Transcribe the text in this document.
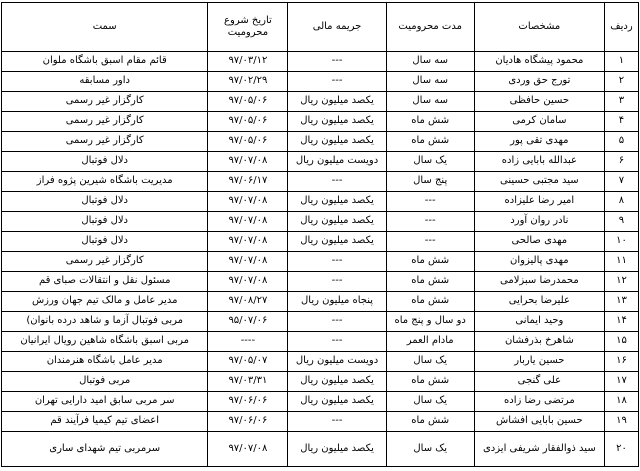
ردیف	مشخصات	مدت محرومیت	جریمه مالی	تاریخ شروع محرومیت	سمت
۱	محمود پیشگاه هادیان	سه سال	---	۹۷/۰۳/۱۲	قائم مقام اسبق باشگاه ملوان
۲	تورج حق وردی	سه سال	---	۹۷/۰۲/۲۹	داور مسابقه
۳	حسین حافظی	سه سال	یکصد میلیون ریال	۹۷/۰۵/۰۶	کارگزار غیر رسمی
۴	سامان کرمی	شش ماه	یکصد میلیون ریال	۹۷/۰۵/۰۶	کارگزار غیر رسمی
۵	مهدی تقی پور	شش ماه	یکصد میلیون ریال	۹۷/۰۵/۰۶	کارگزار غیر رسمی
۶	عبدالله بابایی زاده	یک سال	دویست میلیون ریال	۹۷/۰۷/۰۸	دلال فوتبال
۷	سید مجتبی حسینی	پنج سال	---	۹۷/۰۶/۱۷	مدیریت باشگاه شیرین پژوه فراز
۸	امیر رضا علیزاده	---	یکصد میلیون ریال	۹۷/۰۷/۰۸	دلال فوتبال
۹	نادر روان آورد	---	یکصد میلیون ریال	۹۷/۰۷/۰۸	دلال فوتبال
۱۰	مهدی صالحی	---	یکصد میلیون ریال	۹۷/۰۷/۰۸	دلال فوتبال
۱۱	مهدی پالیزوان	شش ماه	---	۹۷/۰۷/۰۸	کارگزار غیر رسمی
۱۲	محمدرضا سبزلامی	شش ماه	---	۹۷/۰۷/۰۸	مسئول نقل و انتقالات صبای قم
۱۳	علیرضا بحرایی	شش ماه	پنجاه میلیون ریال	۹۷/۰۸/۲۷	مدیر عامل و مالک تیم جهان ورزش
۱۴	وحید ایمانی	دو سال و پنج ماه	---	۹۵/۰۷/۰۶	مربی فوتبال آزما و شاهد درده بانوان)
۱۵	شاهرخ بذرفشان	مادام العمر	---	----	مربی اسبق باشگاه شاهین رویال ایرانیان
۱۶	حسین یاربار	یک سال	دویست میلیون ریال	۹۷/۰۵/۰۷	مدیر عامل باشگاه هنرمندان
۱۷	علی گنجی	شش ماه	یکصد میلیون ریال	۹۷/۰۳/۳۱	مربی فوتبال
۱۸	مرتضی رضا زاده	یک سال	یکصد میلیون ریال	۹۷/۰۶/۰۶	سر مربی سابق امید دارایی تهران
۱۹	حسین بابایی افشاش	شش ماه	---	۹۷/۰۶/۰۶	اعضای تیم کیمیا فرآیند قم
۲۰	سید ذوالفقار شریفی ایزدی	یک سال	یکصد میلیون ریال	۹۷/۰۷/۰۸	سرمربی تیم شهدای ساری
